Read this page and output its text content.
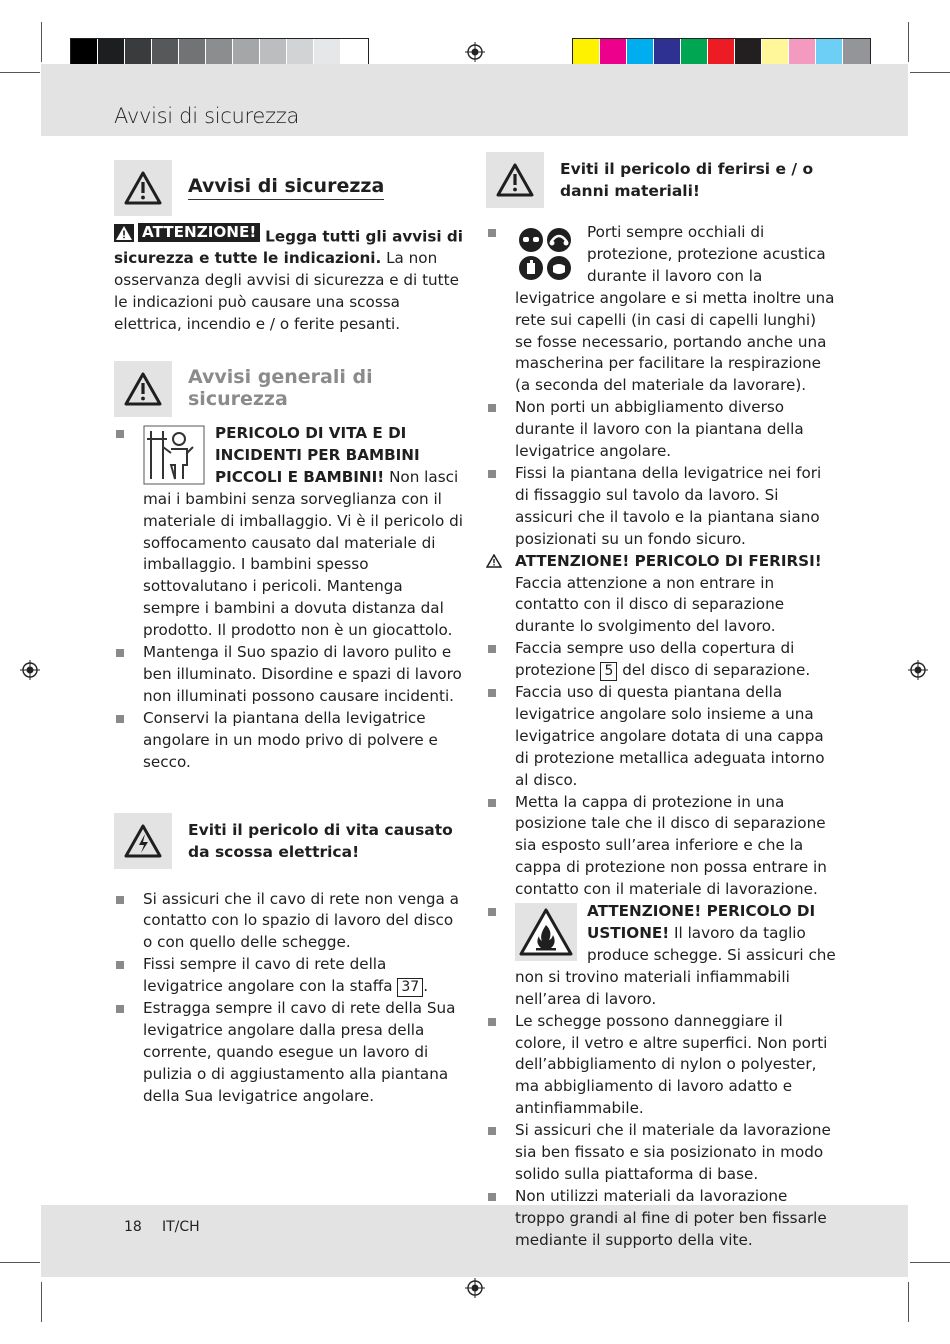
Avvisi di sicurezza
18 IT/CH
Avvisi di sicurezza

ATTENZIONE! Legga tutti gli avvisi di sicurezza e tutte le indicazioni. La non osservanza degli avvisi di sicurezza e di tutte le indicazioni può causare una scossa elettrica, incendio e / o ferite pesanti.

Avvisi generali di sicurezza

PERICOLO DI VITA E DI INCIDENTI PER BAMBINI PICCOLI E BAMBINI! Non lasci mai i bambini senza sorveglianza con il materiale di imballaggio. Vi è il pericolo di soffocamento causato dal materiale di imballaggio. I bambini spesso sottovalutano i pericoli. Mantenga sempre i bambini a dovuta distanza dal prodotto. Il prodotto non è un giocattolo.

Mantenga il Suo spazio di lavoro pulito e ben illuminato. Disordine e spazi di lavoro non illuminati possono causare incidenti.

Conservi la piantana della levigatrice angolare in un modo privo di polvere e secco.

Eviti il pericolo di vita causato da scossa elettrica!

Si assicuri che il cavo di rete non venga a contatto con lo spazio di lavoro del disco o con quello delle schegge.

Fissi sempre il cavo di rete della levigatrice angolare con la staffa 37 .

Estragga sempre il cavo di rete della Sua levigatrice angolare dalla presa della corrente, quando esegue un lavoro di pulizia o di aggiustamento alla piantana della Sua levigatrice angolare.

Eviti il pericolo di ferirsi e / o danni materiali!

Porti sempre occhiali di protezione, protezione acustica durante il lavoro con la levigatrice angolare e si metta inoltre una rete sui capelli (in casi di capelli lunghi) se fosse necessario, portando anche una mascherina per facilitare la respirazione (a seconda del materiale da lavorare).

Non porti un abbigliamento diverso durante il lavoro con la piantana della levigatrice angolare.

Fissi la piantana della levigatrice nei fori di fissaggio sul tavolo da lavoro. Si assicuri che il tavolo e la piantana siano posizionati su un fondo sicuro.

ATTENZIONE! PERICOLO DI FERIRSI!
Faccia attenzione a non entrare in contatto con il disco di separazione durante lo svolgimento del lavoro.

Faccia sempre uso della copertura di protezione 5 del disco di separazione.

Faccia uso di questa piantana della levigatrice angolare solo insieme a una levigatrice angolare dotata di una cappa di protezione metallica adeguata intorno al disco.

Metta la cappa di protezione in una posizione tale che il disco di separazione sia esposto sull’area inferiore e che la cappa di protezione non possa entrare in contatto con il materiale di lavorazione.

ATTENZIONE! PERICOLO DI USTIONE! Il lavoro da taglio produce schegge. Si assicuri che non si trovino materiali infiammabili nell’area di lavoro.

Le schegge possono danneggiare il colore, il vetro e altre superfici. Non porti dell’abbigliamento di nylon o polyester, ma abbigliamento di lavoro adatto e antinfiammabile.

Si assicuri che il materiale da lavorazione sia ben fissato e sia posizionato in modo solido sulla piattaforma di base.

Non utilizzi materiali da lavorazione troppo grandi al fine di poter ben fissarle mediante il supporto della vite.
